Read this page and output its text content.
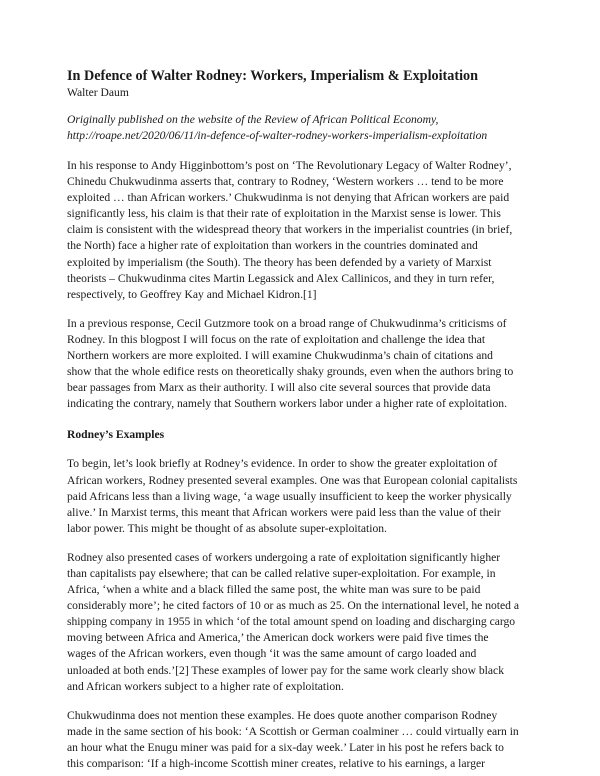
In Defence of Walter Rodney: Workers, Imperialism & Exploitation
Walter Daum
Originally published on the website of the Review of African Political Economy,
http://roape.net/2020/06/11/in-defence-of-walter-rodney-workers-imperialism-exploitation

In his response to Andy Higginbottom’s post on ‘The Revolutionary Legacy of Walter Rodney’,
Chinedu Chukwudinma asserts that, contrary to Rodney, ‘Western workers … tend to be more
exploited … than African workers.’ Chukwudinma is not denying that African workers are paid
significantly less, his claim is that their rate of exploitation in the Marxist sense is lower. This
claim is consistent with the widespread theory that workers in the imperialist countries (in brief,
the North) face a higher rate of exploitation than workers in the countries dominated and
exploited by imperialism (the South). The theory has been defended by a variety of Marxist
theorists – Chukwudinma cites Martin Legassick and Alex Callinicos, and they in turn refer,
respectively, to Geoffrey Kay and Michael Kidron.[1]

In a previous response, Cecil Gutzmore took on a broad range of Chukwudinma’s criticisms of
Rodney. In this blogpost I will focus on the rate of exploitation and challenge the idea that
Northern workers are more exploited. I will examine Chukwudinma’s chain of citations and
show that the whole edifice rests on theoretically shaky grounds, even when the authors bring to
bear passages from Marx as their authority. I will also cite several sources that provide data
indicating the contrary, namely that Southern workers labor under a higher rate of exploitation.

Rodney’s Examples

To begin, let’s look briefly at Rodney’s evidence. In order to show the greater exploitation of
African workers, Rodney presented several examples. One was that European colonial capitalists
paid Africans less than a living wage, ‘a wage usually insufficient to keep the worker physically
alive.’ In Marxist terms, this meant that African workers were paid less than the value of their
labor power. This might be thought of as absolute super-exploitation.

Rodney also presented cases of workers undergoing a rate of exploitation significantly higher
than capitalists pay elsewhere; that can be called relative super-exploitation. For example, in
Africa, ‘when a white and a black filled the same post, the white man was sure to be paid
considerably more’; he cited factors of 10 or as much as 25. On the international level, he noted a
shipping company in 1955 in which ‘of the total amount spend on loading and discharging cargo
moving between Africa and America,’ the American dock workers were paid five times the
wages of the African workers, even though ‘it was the same amount of cargo loaded and
unloaded at both ends.’[2] These examples of lower pay for the same work clearly show black
and African workers subject to a higher rate of exploitation.

Chukwudinma does not mention these examples. He does quote another comparison Rodney
made in the same section of his book: ‘A Scottish or German coalminer … could virtually earn in
an hour what the Enugu miner was paid for a six-day week.’ Later in his post he refers back to
this comparison: ‘If a high-income Scottish miner creates, relative to his earnings, a larger
